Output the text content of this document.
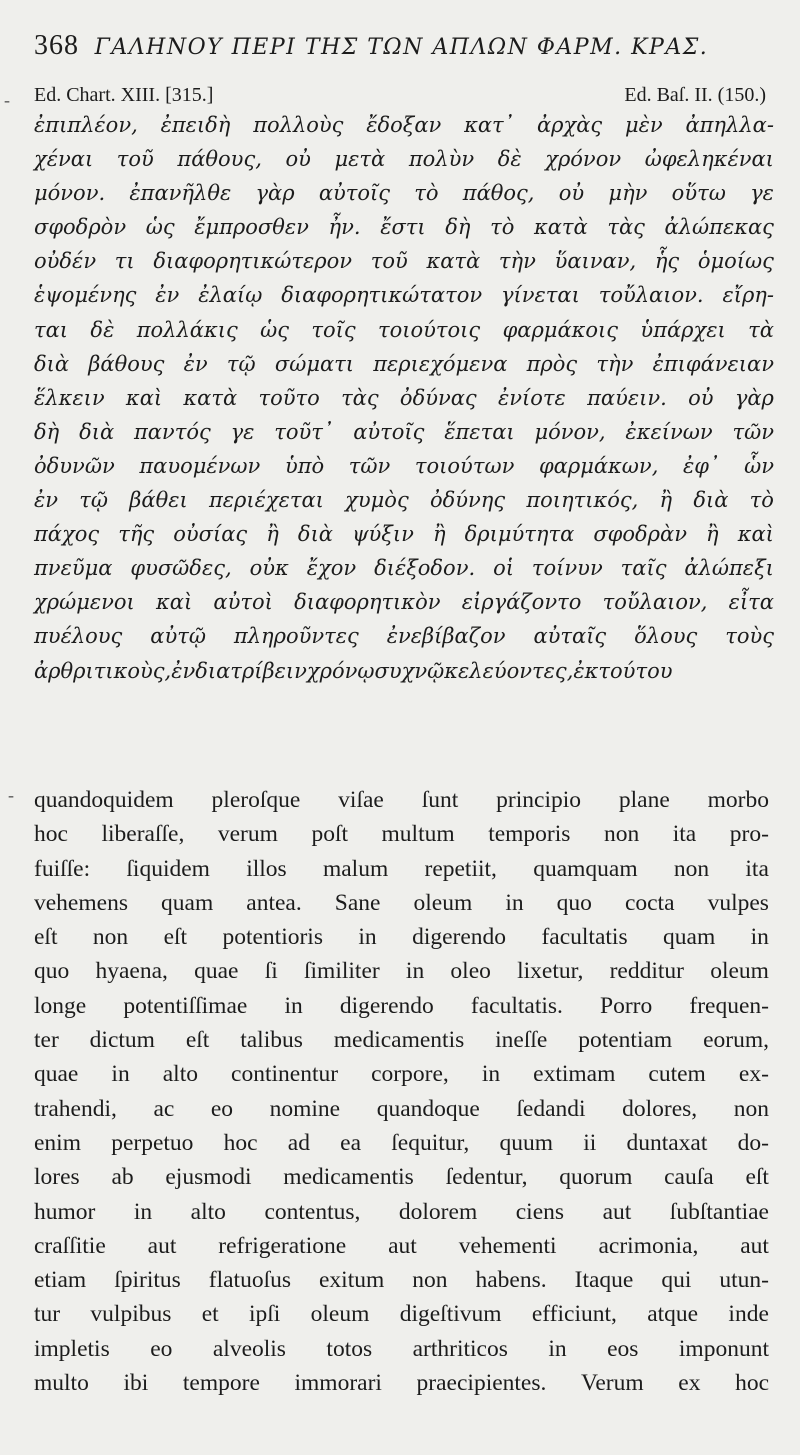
368 ΓΑΛΗΝΟΥ ΠΕΡΙ ΤΗΣ ΤΩΝ ΑΠΛΩΝ ΦΑΡΜ. ΚΡΑΣ.
Ed. Chart. XIII. [315.]	Ed. Baſ. II. (150.)
ἐπιπλέον, ἐπειδὴ πολλοὺς ἔδοξαν κατ᾽ ἀρχὰς μὲν ἀπηλλα-
χέναι τοῦ πάθους, οὐ μετὰ πολὺν δὲ χρόνον ὠφεληκέναι
μόνον. ἐπανῆλθε γὰρ αὐτοῖς τὸ πάθος, οὐ μὴν οὕτω γε
σφοδρὸν ὡς ἔμπροσθεν ἦν. ἔστι δὴ τὸ κατὰ τὰς ἀλώπεκας
οὐδέν τι διαφορητικώτερον τοῦ κατὰ τὴν ὕαιναν, ἧς ὁμοίως
ἑψομένης ἐν ἐλαίῳ διαφορητικώτατον γίνεται τοὔλαιον. εἴρη-
ται δὲ πολλάκις ὡς τοῖς τοιούτοις φαρμάκοις ὑπάρχει τὰ
διὰ βάθους ἐν τῷ σώματι περιεχόμενα πρὸς τὴν ἐπιφάνειαν
ἕλκειν καὶ κατὰ τοῦτο τὰς ὀδύνας ἐνίοτε παύειν. οὐ γὰρ
δὴ διὰ παντός γε τοῦτ᾽ αὐτοῖς ἕπεται μόνον, ἐκείνων τῶν
ὀδυνῶν παυομένων ὑπὸ τῶν τοιούτων φαρμάκων, ἐφ᾽ ὧν
ἐν τῷ βάθει περιέχεται χυμὸς ὀδύνης ποιητικός, ἢ διὰ τὸ
πάχος τῆς οὐσίας ἢ διὰ ψύξιν ἢ δριμύτητα σφοδρὰν ἢ καὶ
πνεῦμα φυσῶδες, οὐκ ἔχον διέξοδον. οἱ τοίνυν ταῖς ἀλώπεξι
χρώμενοι καὶ αὐτοὶ διαφορητικὸν εἰργάζοντο τοὔλαιον, εἶτα
πυέλους αὐτῷ πληροῦντες ἐνεβίβαζον αὐταῖς ὅλους τοὺς
ἀρθριτικοὺς, ἐνδιατρίβειν χρόνῳ συχνῷ κελεύοντες, ἐκ τούτου
quandoquidem pleroſque viſae ſunt principio plane morbo
hoc liberaſſe, verum poſt multum temporis non ita pro-
fuiſſe: ſiquidem illos malum repetiit, quamquam non ita
vehemens quam antea. Sane oleum in quo cocta vulpes
eſt non eſt potentioris in digerendo facultatis quam in
quo hyaena, quae ſi ſimiliter in oleo lixetur, redditur oleum
longe potentiſſimae in digerendo facultatis. Porro frequen-
ter dictum eſt talibus medicamentis ineſſe potentiam eorum,
quae in alto continentur corpore, in extimam cutem ex-
trahendi, ac eo nomine quandoque ſedandi dolores, non
enim perpetuo hoc ad ea ſequitur, quum ii duntaxat do-
lores ab ejusmodi medicamentis ſedentur, quorum cauſa eſt
humor in alto contentus, dolorem ciens aut ſubſtantiae
craſſitie aut refrigeratione aut vehementi acrimonia, aut
etiam ſpiritus flatuoſus exitum non habens. Itaque qui utun-
tur vulpibus et ipſi oleum digeſtivum efficiunt, atque inde
impletis eo alveolis totos arthriticos in eos imponunt
multo ibi tempore immorari praecipientes. Verum ex hoc
-
-
